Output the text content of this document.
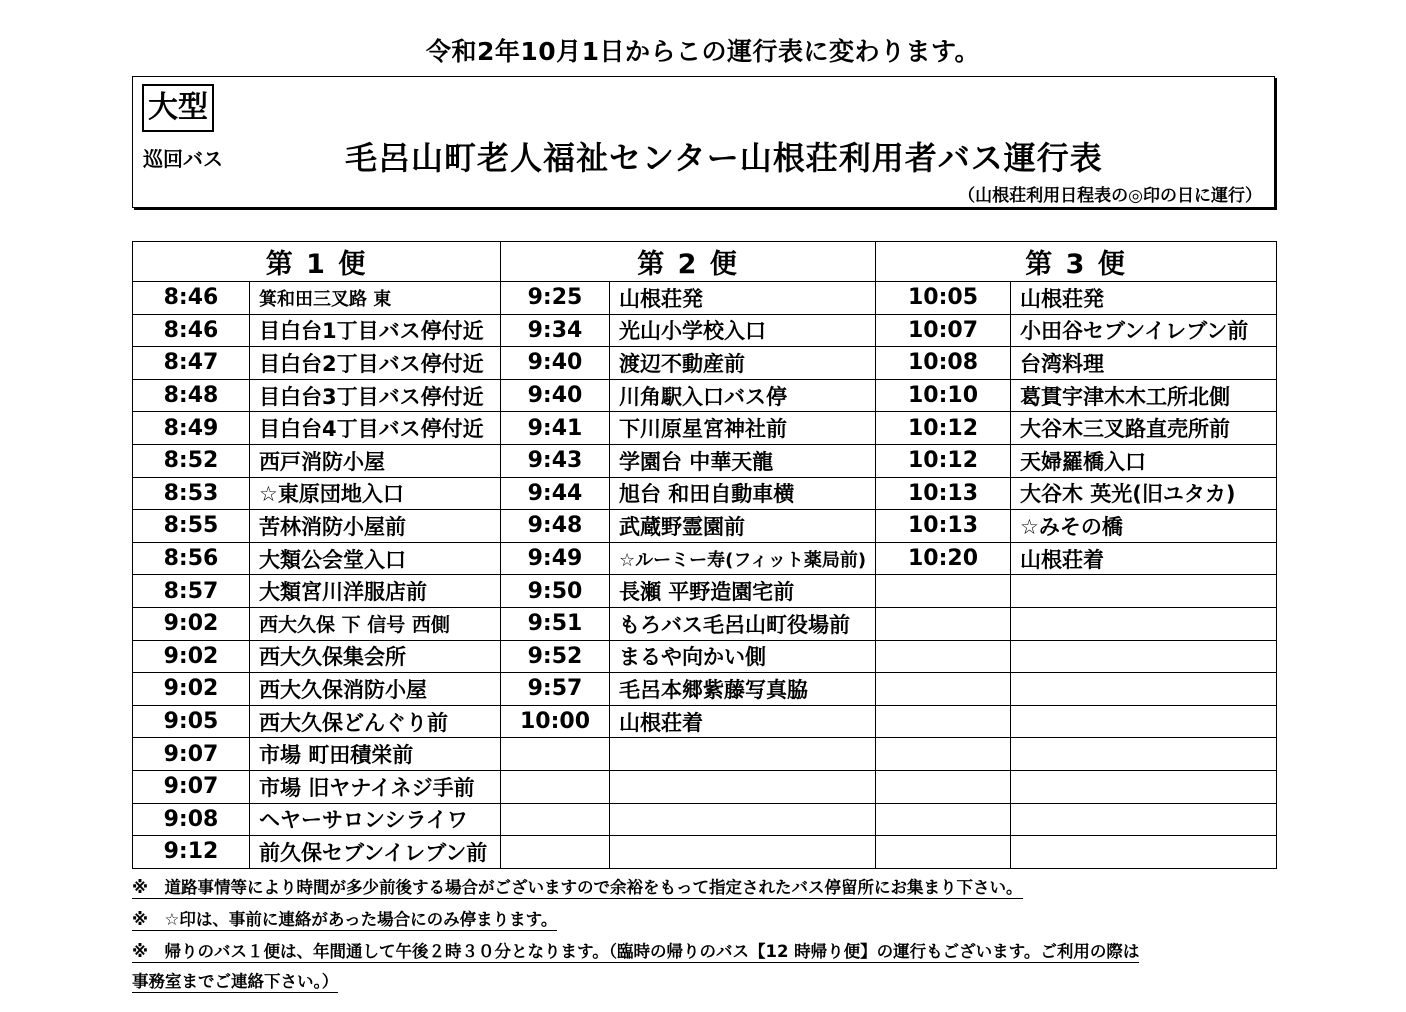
令和2年10月1日からこの運行表に変わります。
大型
巡回バス	毛呂山町老人福祉センター山根荘利用者バス運行表
（山根荘利用日程表の◎印の日に運行）
第 1 便		第 2 便		第 3 便	
8:46	箕和田三叉路 東	9:25	山根荘発	10:05	山根荘発
8:46	目白台1丁目バス停付近	9:34	光山小学校入口	10:07	小田谷セブンイレブン前
8:47	目白台2丁目バス停付近	9:40	渡辺不動産前	10:08	台湾料理
8:48	目白台3丁目バス停付近	9:40	川角駅入口バス停	10:10	葛貫宇津木木工所北側
8:49	目白台4丁目バス停付近	9:41	下川原星宮神社前	10:12	大谷木三叉路直売所前
8:52	西戸消防小屋	9:43	学園台 中華天龍	10:12	天婦羅橋入口
8:53	☆東原団地入口	9:44	旭台 和田自動車横	10:13	大谷木 英光(旧ユタカ)
8:55	苦林消防小屋前	9:48	武蔵野霊園前	10:13	☆みその橋
8:56	大類公会堂入口	9:49	☆ルーミー寿(フィット薬局前)	10:20	山根荘着
8:57	大類宮川洋服店前	9:50	長瀬 平野造園宅前		
9:02	西大久保 下 信号 西側	9:51	もろバス毛呂山町役場前		
9:02	西大久保集会所	9:52	まるや向かい側		
9:02	西大久保消防小屋	9:57	毛呂本郷紫藤写真脇		
9:05	西大久保どんぐり前	10:00	山根荘着		
9:07	市場 町田積栄前				
9:07	市場 旧ヤナイネジ手前				
9:08	ヘヤーサロンシライワ				
9:12	前久保セブンイレブン前				
※　道路事情等により時間が多少前後する場合がございますので余裕をもって指定されたバス停留所にお集まり下さい。
※　☆印は、事前に連絡があった場合にのみ停まります。
※　帰りのバス１便は、年間通して午後２時３０分となります。（臨時の帰りのバス【12 時帰り便】の運行もございます。ご利用の際は
事務室までご連絡下さい。）
